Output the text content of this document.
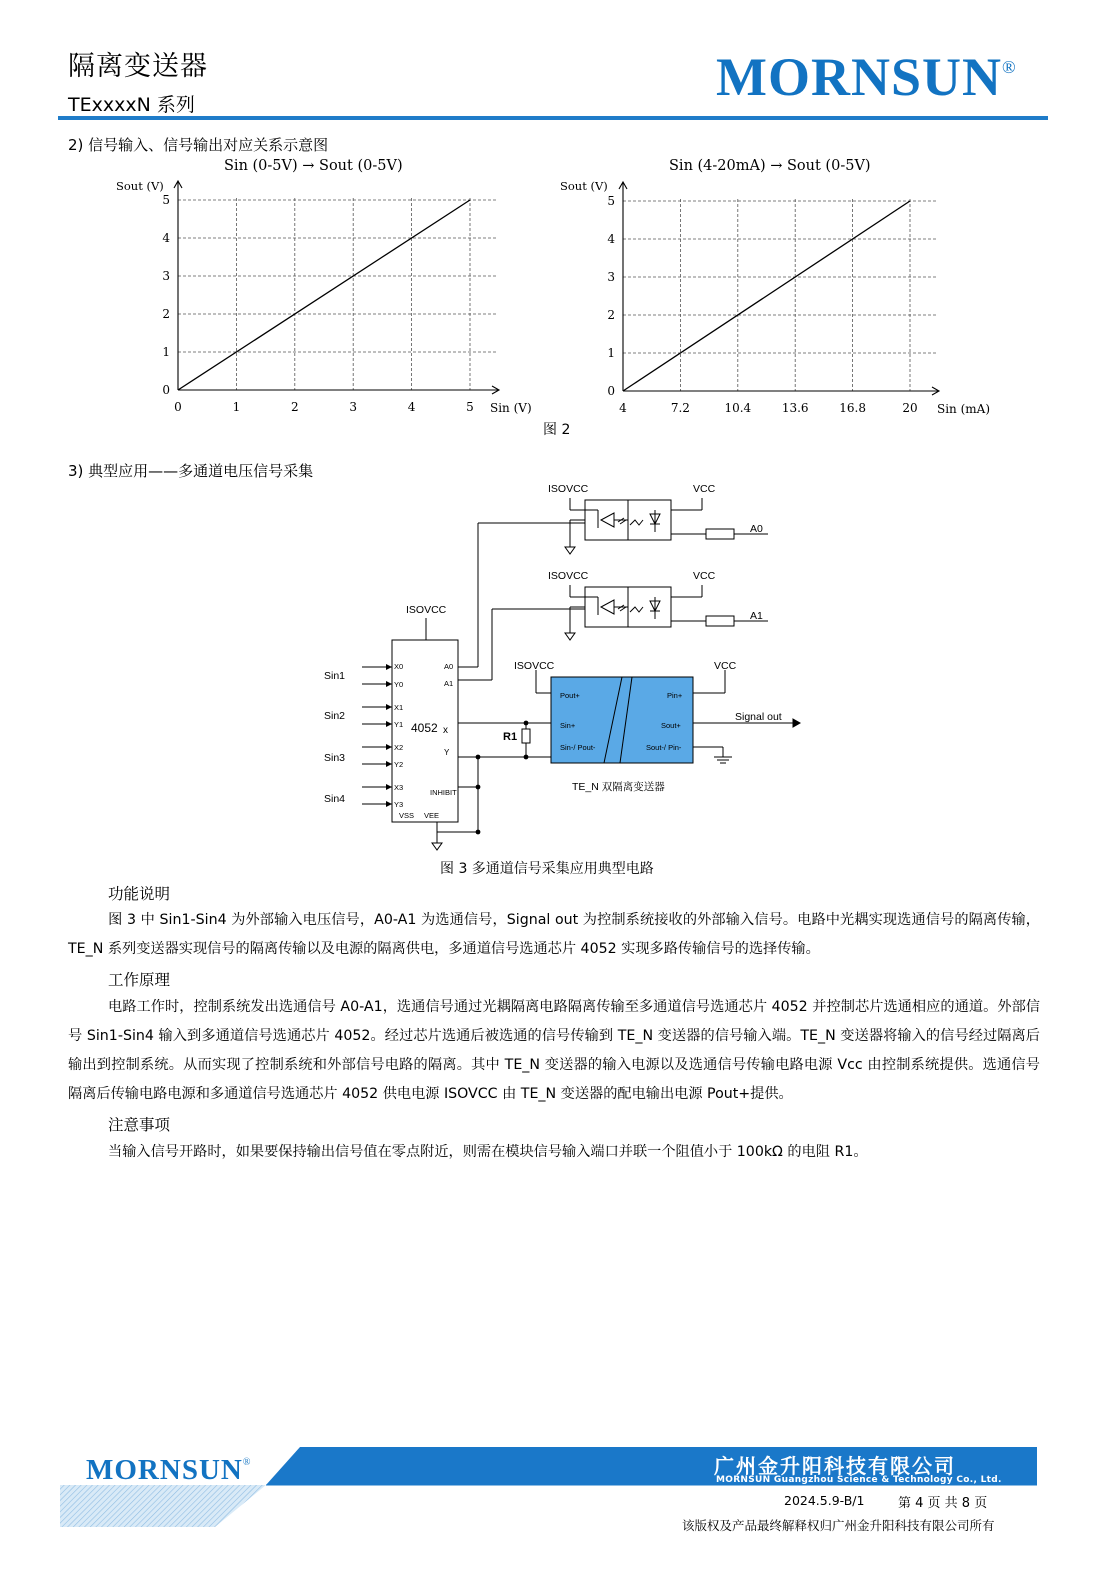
隔离变送器
TExxxxN 系列	MORNSUN®
2) 信号输入、信号输出对应关系示意图
0	1	2	3	4	5
0
1
2
3
4
5
Sin (0-5V) → Sout (0-5V)
Sout (V)
Sin (V)	4	7.2	10.4	13.6	16.8	20
0
1
2
3
4
5
Sin (4-20mA) → Sout (0-5V)
Sout (V)
Sin (mA)
图 2
3) 典型应用——多通道电压信号采集
ISOVCC	VCC
A0
ISOVCC	VCC
A1
ISOVCC
ISOVCC	VCC
Sin1
Sin2
Sin3
Sin4
Signal out
X0
Y0
X1
Y1
X2
Y2
X3
Y3
A0
A1
INHIBIT
VSS VEE
Pout+
Sin+
Sin-/ Pout-
Pin+
Sout+
Sout-/ Pin-
4052 x
Y
R1
TE_N 双隔离变送器
图 3 多通道信号采集应用典型电路
功能说明
图 3 中 Sin1-Sin4 为外部输入电压信号，A0-A1 为选通信号，Signal out 为控制系统接收的外部输入信号。电路中光耦实现选通信号的隔离传输，TE_N 系列变送器实现信号的隔离传输以及电源的隔离供电，多通道信号选通芯片 4052 实现多路传输信号的选择传输。
工作原理
电路工作时，控制系统发出选通信号 A0-A1，选通信号通过光耦隔离电路隔离传输至多通道信号选通芯片 4052 并控制芯片选通相应的通道。外部信号 Sin1-Sin4 输入到多通道信号选通芯片 4052。经过芯片选通后被选通的信号传输到 TE_N 变送器的信号输入端。TE_N 变送器将输入的信号经过隔离后输出到控制系统。从而实现了控制系统和外部信号电路的隔离。其中 TE_N 变送器的输入电源以及选通信号传输电路电源 Vcc 由控制系统提供。选通信号隔离后传输电路电源和多通道信号选通芯片 4052 供电电源 ISOVCC 由 TE_N 变送器的配电输出电源 Pout+提供。
注意事项
当输入信号开路时，如果要保持输出信号值在零点附近，则需在模块信号输入端口并联一个阻值小于 100kΩ 的电阻 R1。
MORNSUN®	广州金升阳科技有限公司
MORNSUN Guangzhou Science & Technology Co., Ltd.
2024.5.9-B/1	第 4 页 共 8 页
该版权及产品最终解释权归广州金升阳科技有限公司所有
